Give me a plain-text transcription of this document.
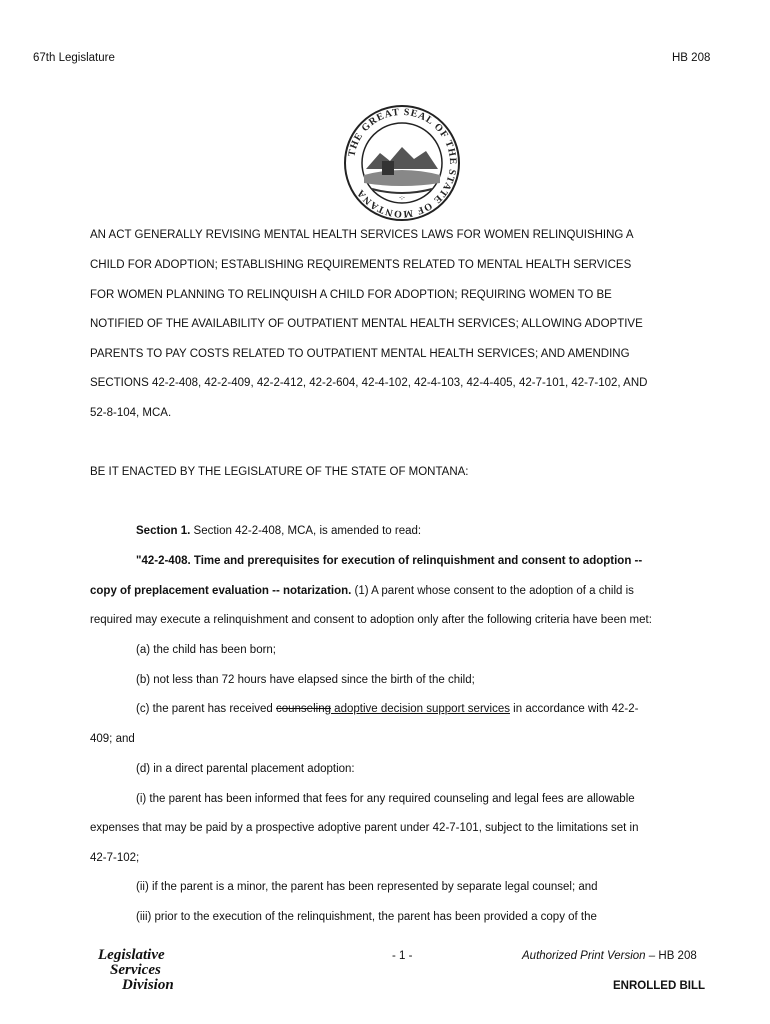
67th Legislature	HB 208
THE GREAT SEAL OF THE STATE OF MONTANA	-;-
AN ACT GENERALLY REVISING MENTAL HEALTH SERVICES LAWS FOR WOMEN RELINQUISHING A
CHILD FOR ADOPTION; ESTABLISHING REQUIREMENTS RELATED TO MENTAL HEALTH SERVICES
FOR WOMEN PLANNING TO RELINQUISH A CHILD FOR ADOPTION; REQUIRING WOMEN TO BE
NOTIFIED OF THE AVAILABILITY OF OUTPATIENT MENTAL HEALTH SERVICES; ALLOWING ADOPTIVE
PARENTS TO PAY COSTS RELATED TO OUTPATIENT MENTAL HEALTH SERVICES; AND AMENDING
SECTIONS 42-2-408, 42-2-409, 42-2-412, 42-2-604, 42-4-102, 42-4-103, 42-4-405, 42-7-101, 42-7-102, AND
52-8-104, MCA.
BE IT ENACTED BY THE LEGISLATURE OF THE STATE OF MONTANA:
Section 1. Section 42-2-408, MCA, is amended to read:
"42-2-408. Time and prerequisites for execution of relinquishment and consent to adoption --
copy of preplacement evaluation -- notarization. (1) A parent whose consent to the adoption of a child is
required may execute a relinquishment and consent to adoption only after the following criteria have been met:
(a) the child has been born;
(b) not less than 72 hours have elapsed since the birth of the child;
(c) the parent has received counseling adoptive decision support services in accordance with 42-2-
409; and
(d) in a direct parental placement adoption:
(i) the parent has been informed that fees for any required counseling and legal fees are allowable
expenses that may be paid by a prospective adoptive parent under 42-7-101, subject to the limitations set in
42-7-102;
(ii) if the parent is a minor, the parent has been represented by separate legal counsel; and
(iii) prior to the execution of the relinquishment, the parent has been provided a copy of the
Legislative
Services
Division
- 1 -	Authorized Print Version – HB 208
ENROLLED BILL
